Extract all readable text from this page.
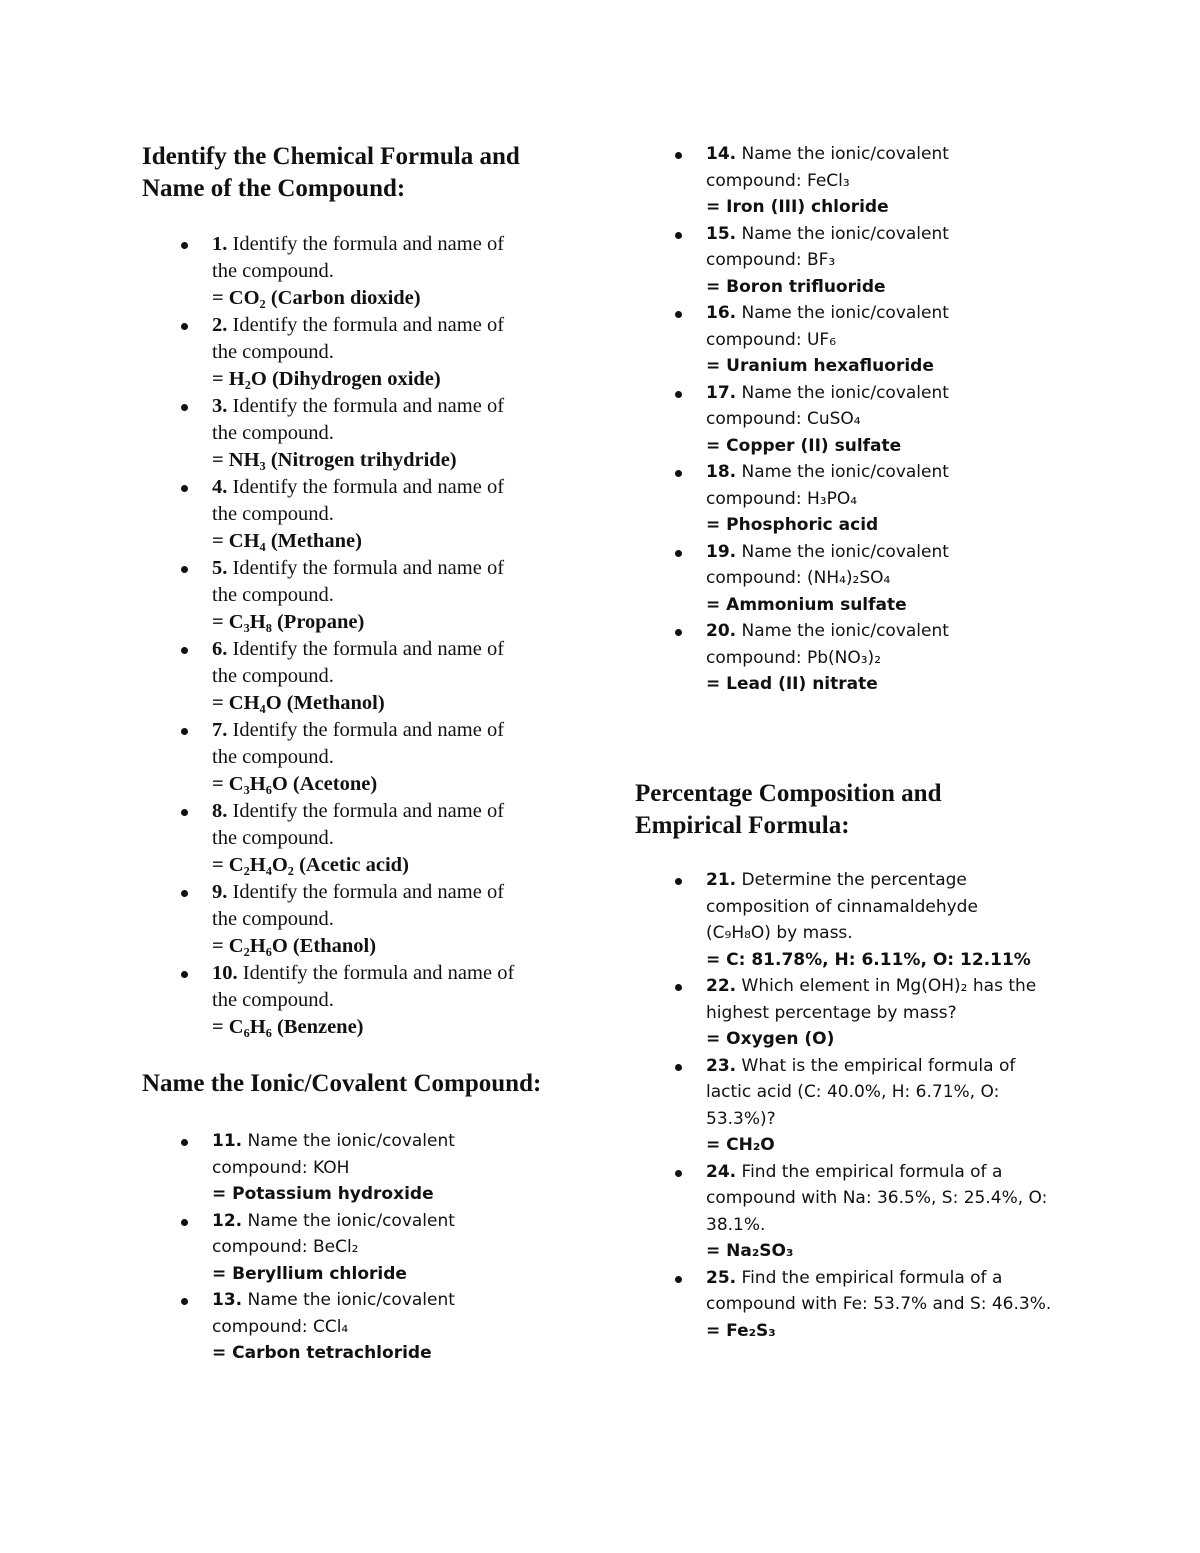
Identify the Chemical Formula and
Name of the Compound:
1. Identify the formula and name of
the compound.
= CO₂ (Carbon dioxide)
2. Identify the formula and name of
the compound.
= H₂O (Dihydrogen oxide)
3. Identify the formula and name of
the compound.
= NH₃ (Nitrogen trihydride)
4. Identify the formula and name of
the compound.
= CH₄ (Methane)
5. Identify the formula and name of
the compound.
= C₃H₈ (Propane)
6. Identify the formula and name of
the compound.
= CH₄O (Methanol)
7. Identify the formula and name of
the compound.
= C₃H₆O (Acetone)
8. Identify the formula and name of
the compound.
= C₂H₄O₂ (Acetic acid)
9. Identify the formula and name of
the compound.
= C₂H₆O (Ethanol)
10. Identify the formula and name of
the compound.
= C₆H₆ (Benzene)
Name the Ionic/Covalent Compound:
11. Name the ionic/covalent
compound: KOH
= Potassium hydroxide
12. Name the ionic/covalent
compound: BeCl₂
= Beryllium chloride
13. Name the ionic/covalent
compound: CCl₄
= Carbon tetrachloride
14. Name the ionic/covalent
compound: FeCl₃
= Iron (III) chloride
15. Name the ionic/covalent
compound: BF₃
= Boron trifluoride
16. Name the ionic/covalent
compound: UF₆
= Uranium hexafluoride
17. Name the ionic/covalent
compound: CuSO₄
= Copper (II) sulfate
18. Name the ionic/covalent
compound: H₃PO₄
= Phosphoric acid
19. Name the ionic/covalent
compound: (NH₄)₂SO₄
= Ammonium sulfate
20. Name the ionic/covalent
compound: Pb(NO₃)₂
= Lead (II) nitrate
Percentage Composition and
Empirical Formula:
21. Determine the percentage
composition of cinnamaldehyde
(C₉H₈O) by mass.
= C: 81.78%, H: 6.11%, O: 12.11%
22. Which element in Mg(OH)₂ has the
highest percentage by mass?
= Oxygen (O)
23. What is the empirical formula of
lactic acid (C: 40.0%, H: 6.71%, O:
53.3%)?
= CH₂O
24. Find the empirical formula of a
compound with Na: 36.5%, S: 25.4%, O:
38.1%.
= Na₂SO₃
25. Find the empirical formula of a
compound with Fe: 53.7% and S: 46.3%.
= Fe₂S₃
